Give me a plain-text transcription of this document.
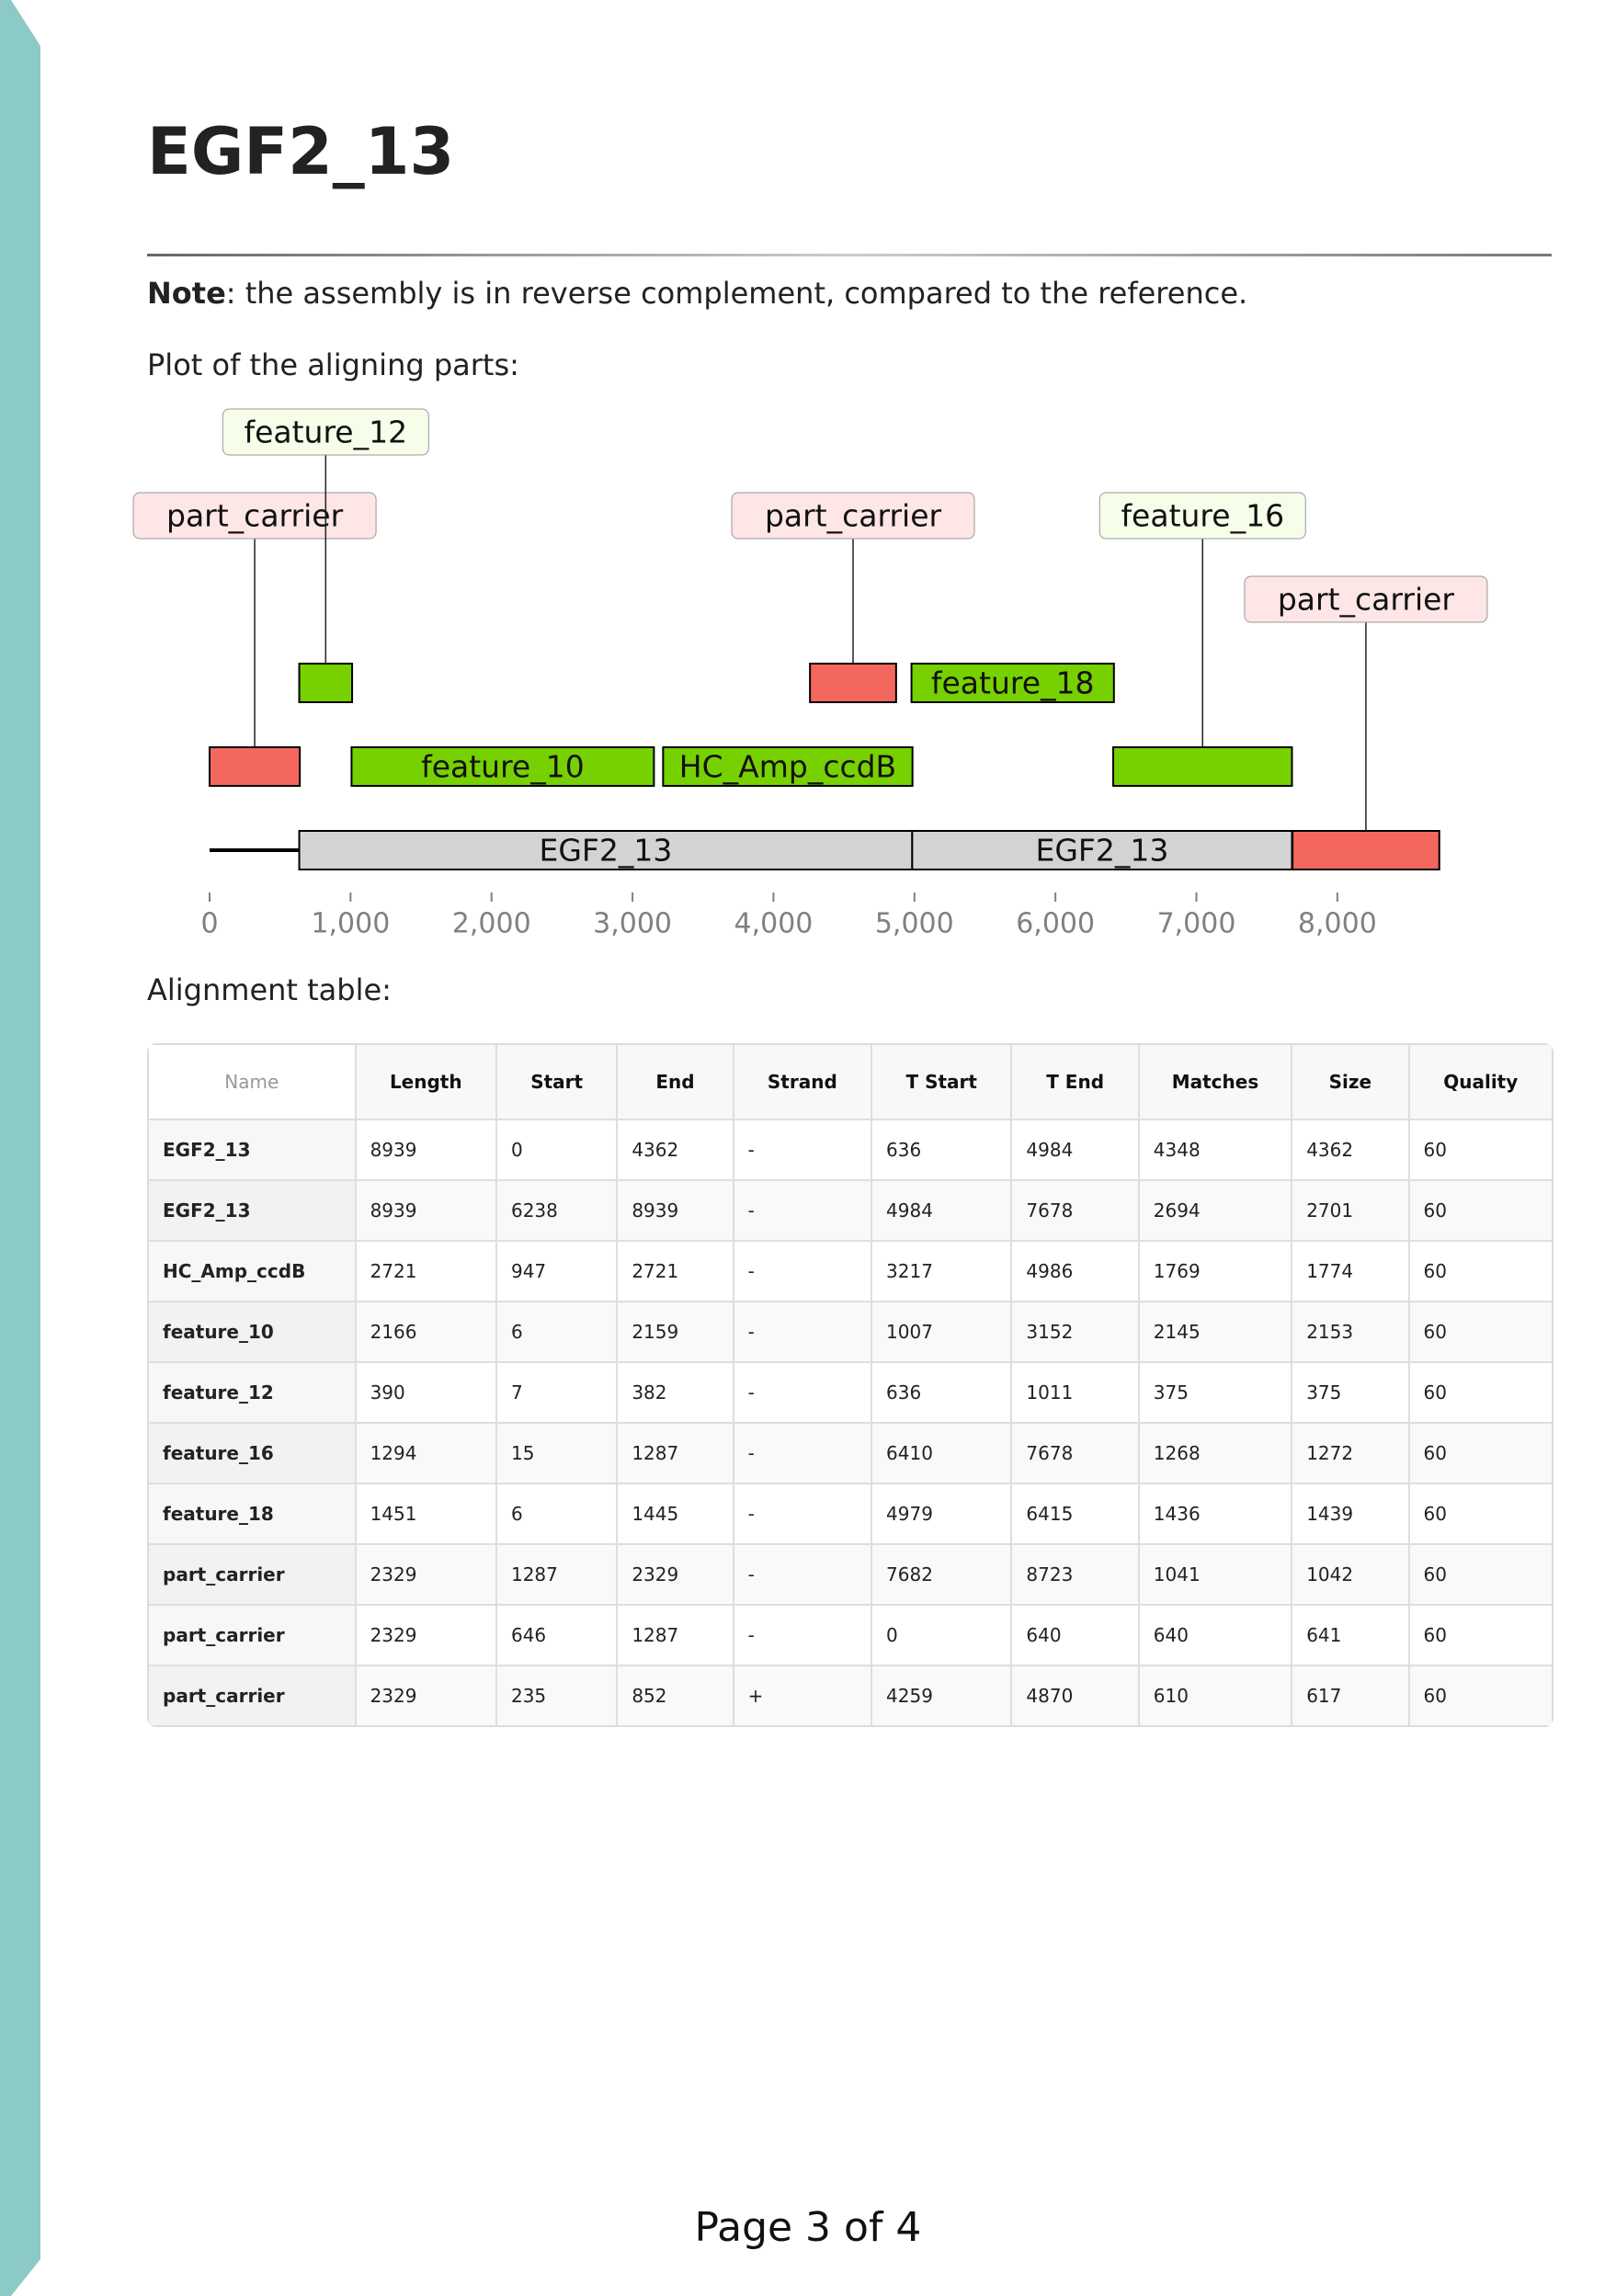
EGF2_13

Note: the assembly is in reverse complement, compared to the reference.

Plot of the aligning parts:

EGF2_13	EGF2_13
part_carrier
feature_12
feature_10	HC_Amp_ccdB
part_carrier
feature_18
feature_16
part_carrier
0	1,000 2,000 3,000 4,000 5,000 6,000 7,000 8,000

Alignment table:

Name	Length	Start	End	Strand	T Start	T End	Matches	Size	Quality
EGF2_13	8939	0	4362	-	636	4984	4348	4362	60
EGF2_13	8939	6238	8939	-	4984	7678	2694	2701	60
HC_Amp_ccdB	2721	947	2721	-	3217	4986	1769	1774	60
feature_10	2166	6	2159	-	1007	3152	2145	2153	60
feature_12	390	7	382	-	636	1011	375	375	60
feature_16	1294	15	1287	-	6410	7678	1268	1272	60
feature_18	1451	6	1445	-	4979	6415	1436	1439	60
part_carrier	2329	1287	2329	-	7682	8723	1041	1042	60
part_carrier	2329	646	1287	-	0	640	640	641	60
part_carrier	2329	235	852	+	4259	4870	610	617	60

Page 3 of 4
